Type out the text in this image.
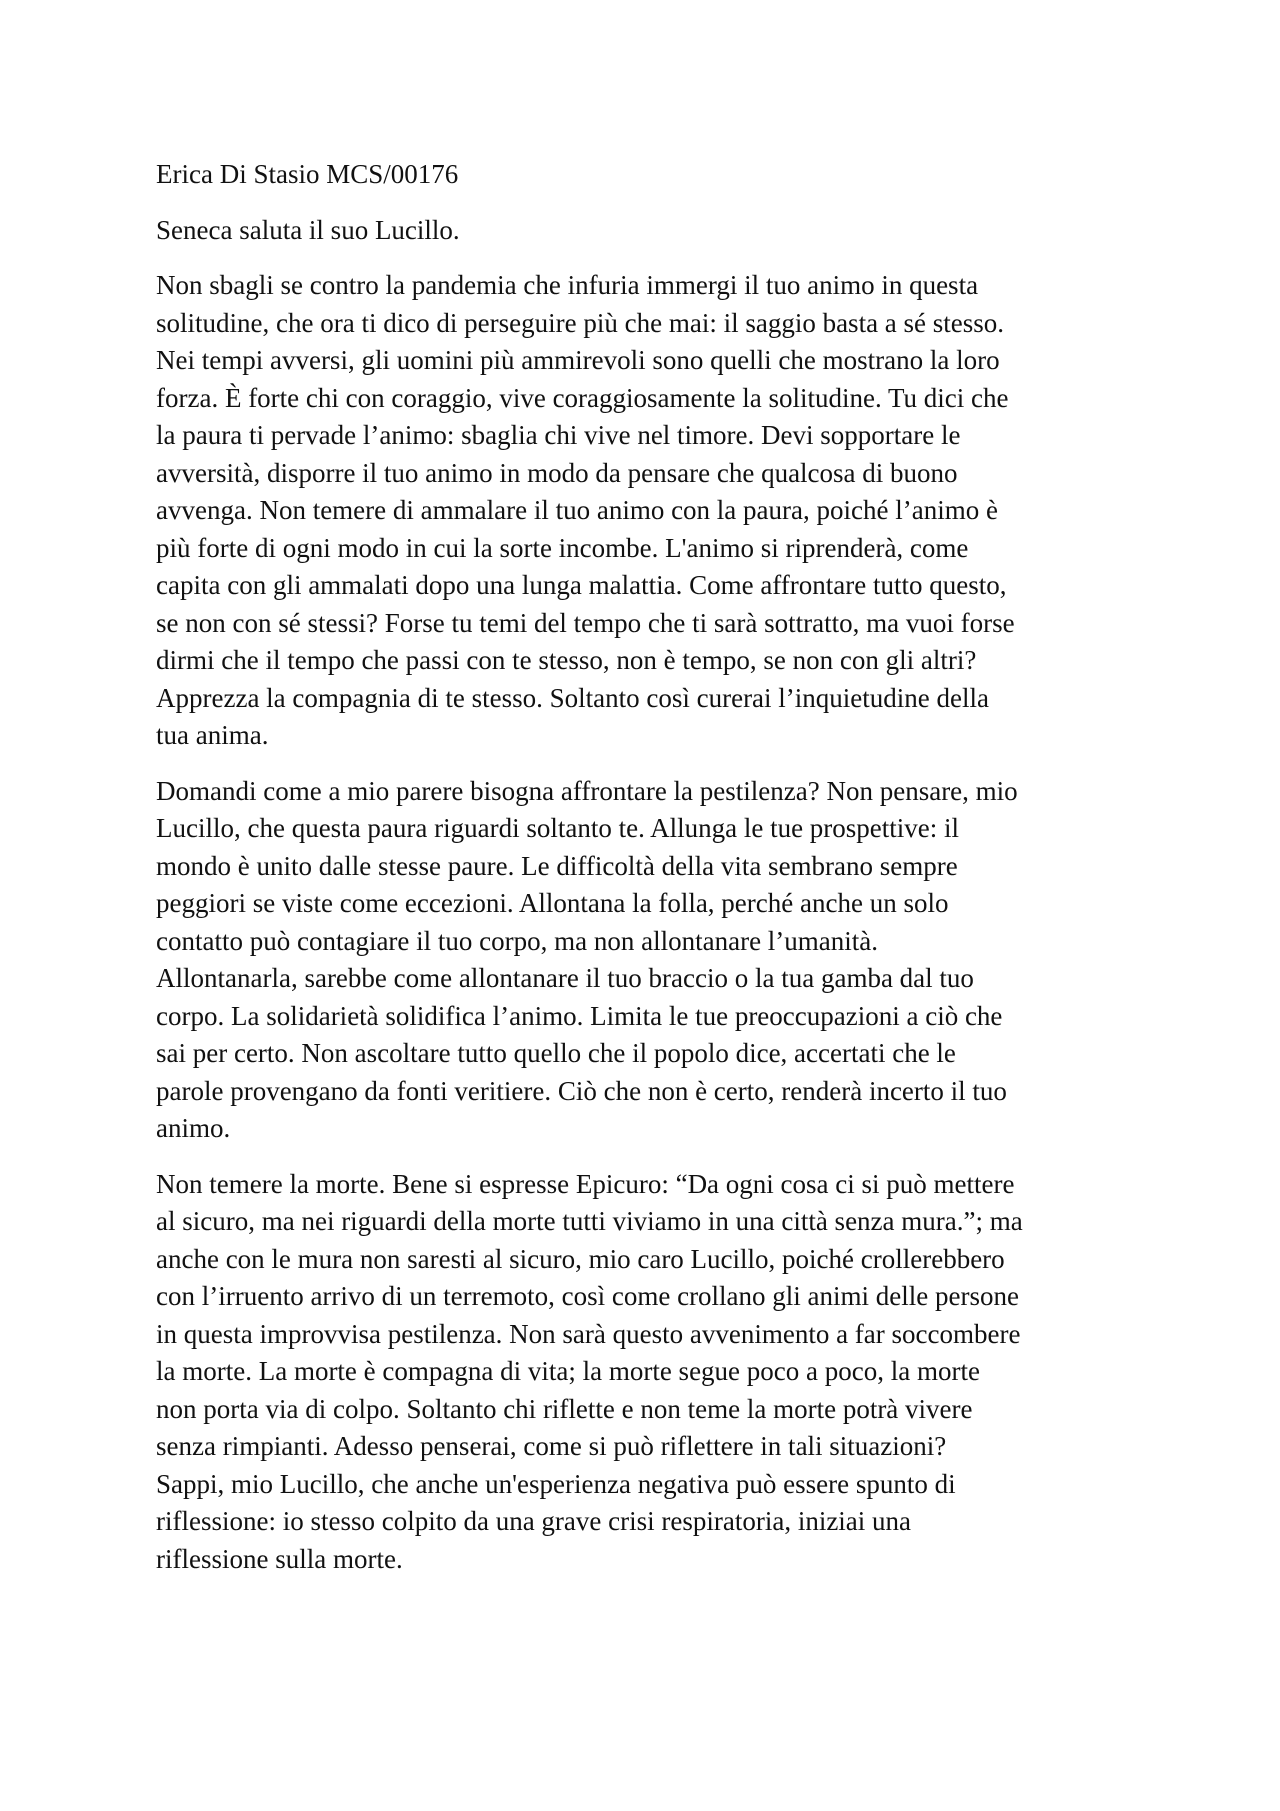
Erica Di Stasio MCS/00176

Seneca saluta il suo Lucillo.

Non sbagli se contro la pandemia che infuria immergi il tuo animo in questa
solitudine, che ora ti dico di perseguire più che mai: il saggio basta a sé stesso.
Nei tempi avversi, gli uomini più ammirevoli sono quelli che mostrano la loro
forza. È forte chi con coraggio, vive coraggiosamente la solitudine. Tu dici che
la paura ti pervade l’animo: sbaglia chi vive nel timore. Devi sopportare le
avversità, disporre il tuo animo in modo da pensare che qualcosa di buono
avvenga. Non temere di ammalare il tuo animo con la paura, poiché l’animo è
più forte di ogni modo in cui la sorte incombe. L'animo si riprenderà, come
capita con gli ammalati dopo una lunga malattia. Come affrontare tutto questo,
se non con sé stessi? Forse tu temi del tempo che ti sarà sottratto, ma vuoi forse
dirmi che il tempo che passi con te stesso, non è tempo, se non con gli altri?
Apprezza la compagnia di te stesso. Soltanto così curerai l’inquietudine della
tua anima.

Domandi come a mio parere bisogna affrontare la pestilenza? Non pensare, mio
Lucillo, che questa paura riguardi soltanto te. Allunga le tue prospettive: il
mondo è unito dalle stesse paure. Le difficoltà della vita sembrano sempre
peggiori se viste come eccezioni. Allontana la folla, perché anche un solo
contatto può contagiare il tuo corpo, ma non allontanare l’umanità.
Allontanarla, sarebbe come allontanare il tuo braccio o la tua gamba dal tuo
corpo. La solidarietà solidifica l’animo. Limita le tue preoccupazioni a ciò che
sai per certo. Non ascoltare tutto quello che il popolo dice, accertati che le
parole provengano da fonti veritiere. Ciò che non è certo, renderà incerto il tuo
animo.

Non temere la morte. Bene si espresse Epicuro: “Da ogni cosa ci si può mettere
al sicuro, ma nei riguardi della morte tutti viviamo in una città senza mura.”; ma
anche con le mura non saresti al sicuro, mio caro Lucillo, poiché crollerebbero
con l’irruento arrivo di un terremoto, così come crollano gli animi delle persone
in questa improvvisa pestilenza. Non sarà questo avvenimento a far soccombere
la morte. La morte è compagna di vita; la morte segue poco a poco, la morte
non porta via di colpo. Soltanto chi riflette e non teme la morte potrà vivere
senza rimpianti. Adesso penserai, come si può riflettere in tali situazioni?
Sappi, mio Lucillo, che anche un'esperienza negativa può essere spunto di
riflessione: io stesso colpito da una grave crisi respiratoria, iniziai una
riflessione sulla morte.
